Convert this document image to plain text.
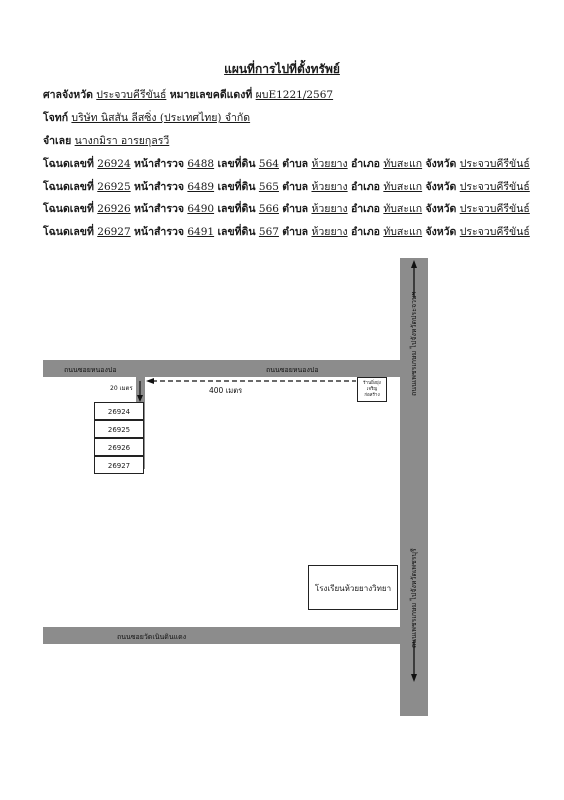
แผนที่การไปที่ตั้งทรัพย์
ศาลจังหวัด ประจวบคีรีขันธ์ หมายเลขคดีแดงที่ ผบE1221/2567
โจทก์ บริษัท นิสสัน ลีสซิ่ง (ประเทศไทย) จำกัด
จำเลย นางกมิรา อารยกุลรวี
โฉนดเลขที่ 26924 หน้าสำรวจ 6488 เลขที่ดิน 564 ตำบล ห้วยยาง อำเภอ ทับสะแก จังหวัด ประจวบคีรีขันธ์
โฉนดเลขที่ 26925 หน้าสำรวจ 6489 เลขที่ดิน 565 ตำบล ห้วยยาง อำเภอ ทับสะแก จังหวัด ประจวบคีรีขันธ์
โฉนดเลขที่ 26926 หน้าสำรวจ 6490 เลขที่ดิน 566 ตำบล ห้วยยาง อำเภอ ทับสะแก จังหวัด ประจวบคีรีขันธ์
โฉนดเลขที่ 26927 หน้าสำรวจ 6491 เลขที่ดิน 567 ตำบล ห้วยยาง อำเภอ ทับสะแก จังหวัด ประจวบคีรีขันธ์
ถนนซอยหนองปอ	ถนนซอยหนองปอ
ถนนซอยวัดเนินดินแดง
ถนนเพชรเกษม ไปจังหวัดประจวบฯ
ถนนเพชรเกษม ไปจังหวัดเพชรบุรี
20 เมตร	400 เมตร
26924
26925
26926
26927
ร้านยิ่งยุ่งเจริญ ก่อสร้าง
โรงเรียนห้วยยางวิทยา
